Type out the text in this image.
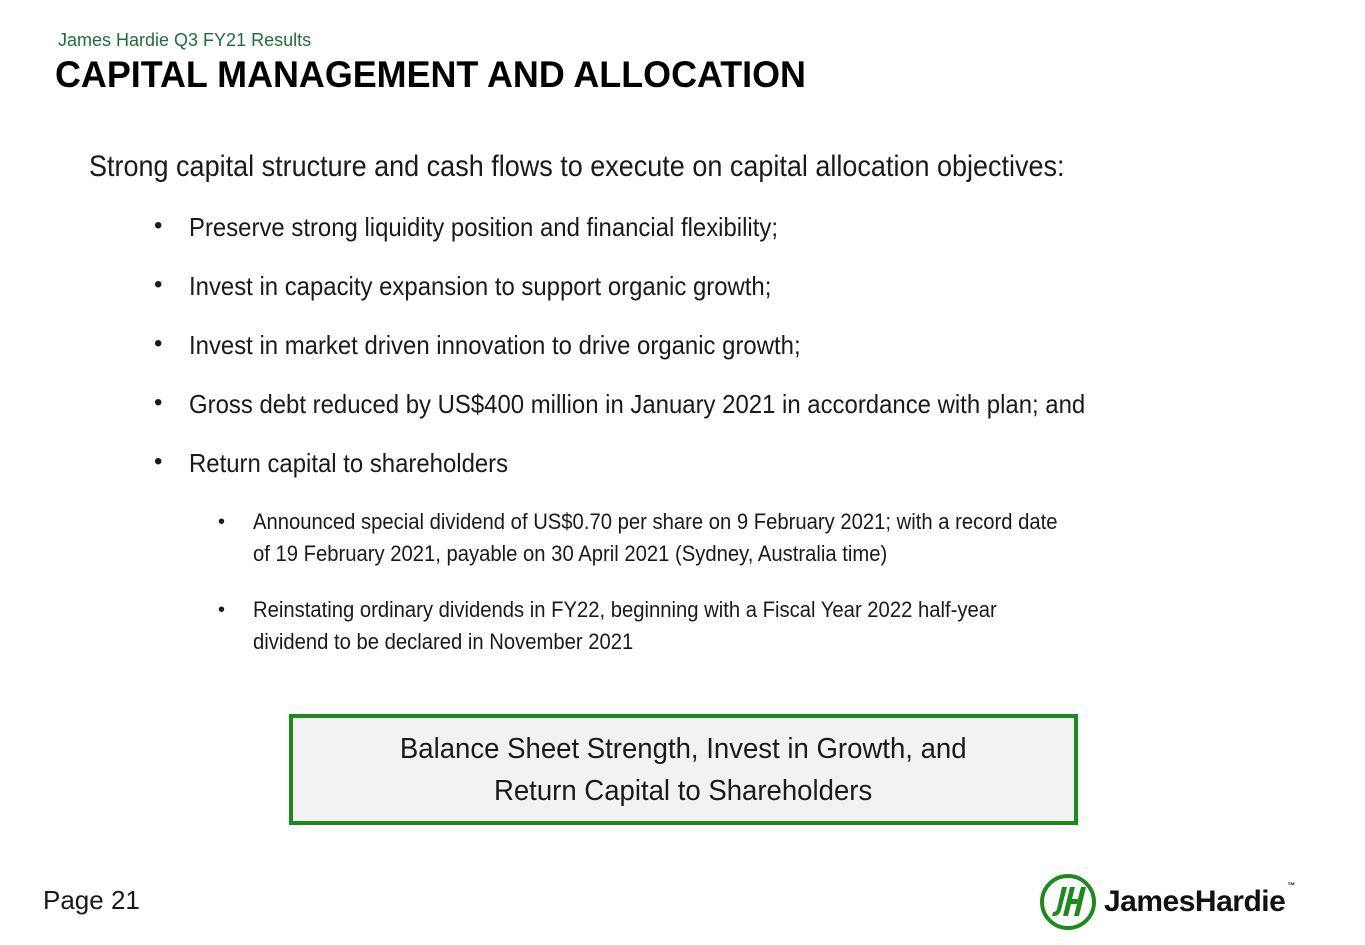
James Hardie Q3 FY21 Results
CAPITAL MANAGEMENT AND ALLOCATION
Strong capital structure and cash flows to execute on capital allocation objectives:
• Preserve strong liquidity position and financial flexibility;
• Invest in capacity expansion to support organic growth;
• Invest in market driven innovation to drive organic growth;
• Gross debt reduced by US$400 million in January 2021 in accordance with plan; and
• Return capital to shareholders
• Announced special dividend of US$0.70 per share on 9 February 2021; with a record date
of 19 February 2021, payable on 30 April 2021 (Sydney, Australia time)
• Reinstating ordinary dividends in FY22, beginning with a Fiscal Year 2022 half-year
dividend to be declared in November 2021
Balance Sheet Strength, Invest in Growth, and
Return Capital to Shareholders
Page 21	JamesHardie ™
